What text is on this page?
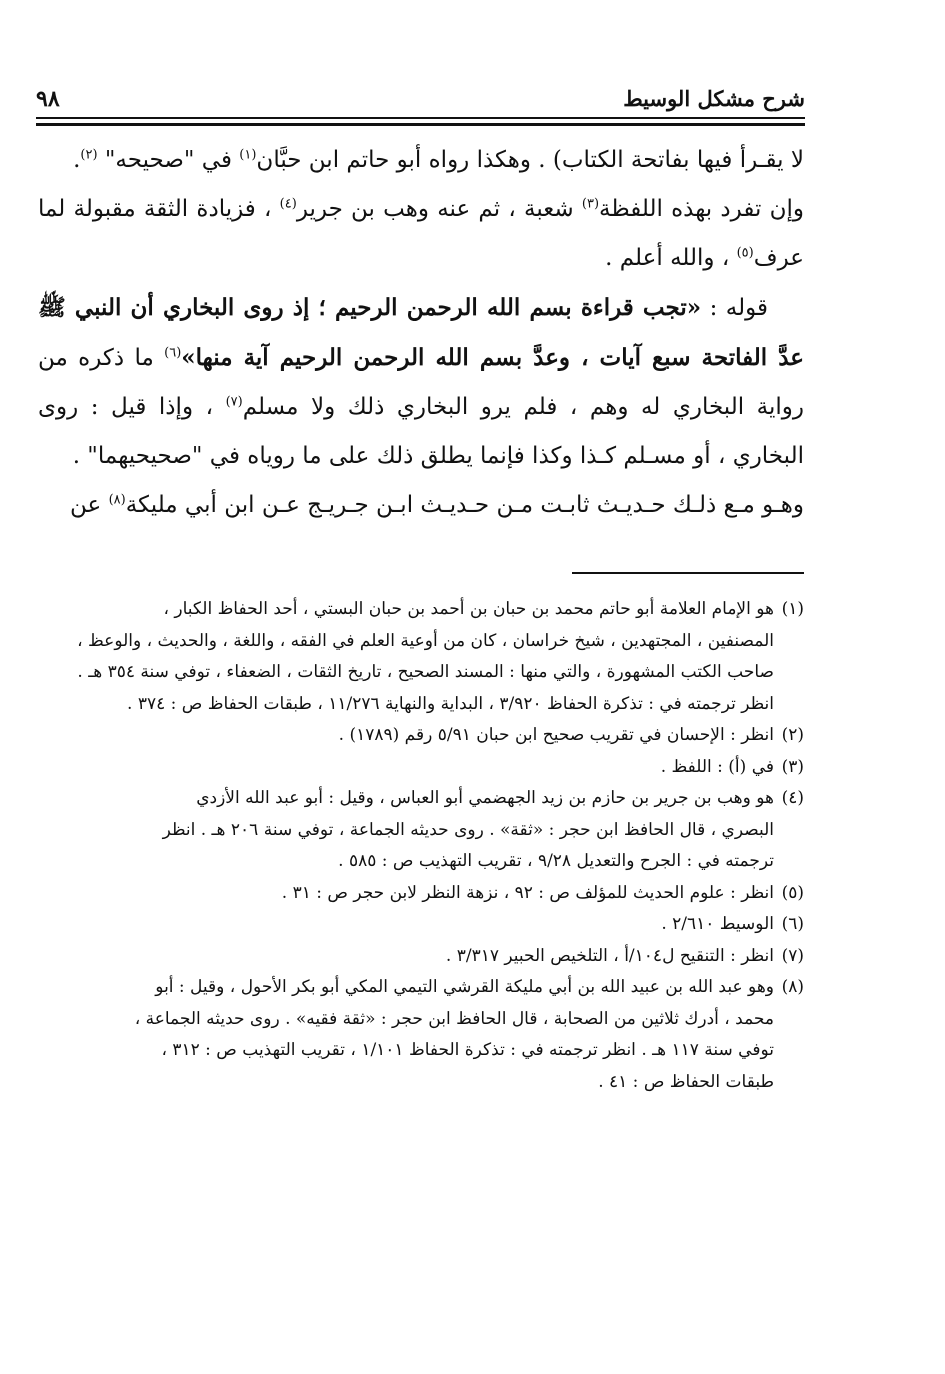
شرح مشكل الوسيط
٩٨

لا يقـرأ فيها بفاتحة الكتاب) . وهكذا رواه أبو حاتم ابن حبَّان$^{(١)}$ في "صحيحه" $^{(٢)}$.

وإن تفرد بهذه اللفظة$^{(٣)}$ شعبة ، ثم عنه وهب بن جرير$^{(٤)}$ ، فزيادة الثقة مقبولة لما عرف$^{(٥)}$ ، والله أعلم .

قوله : «تجب قراءة بسم الله الرحمن الرحيم ؛ إذ روى البخاري أن النبي ﷺ عدَّ الفاتحة سبع آيات ، وعدَّ بسم الله الرحمن الرحيم آية منها»$^{(٦)}$ ما ذكره من رواية البخاري له وهم ، فلم يرو البخاري ذلك ولا مسلم$^{(٧)}$ ، وإذا قيل : روى البخاري ، أو مسـلم كـذا وكذا فإنما يطلق ذلك على ما روياه في "صحيحيهما" .

وهـو مـع ذلـك حـديـث ثابـت مـن حـديـث ابـن جـريـج عـن ابن أبي مليكة$^{(٨)}$ عن

(١)
هو الإمام العلامة أبو حاتم محمد بن حبان بن أحمد بن حبان البستي ، أحد الحفاظ الكبار ،
المصنفين ، المجتهدين ، شيخ خراسان ، كان من أوعية العلم في الفقه ، واللغة ، والحديث ، والوعظ ،
صاحب الكتب المشهورة ، والتي منها : المسند الصحيح ، تاريخ الثقات ، الضعفاء ، توفي سنة ٣٥٤ هـ .
انظر ترجمته في : تذكرة الحفاظ ٣/٩٢٠ ، البداية والنهاية ١١/٢٧٦ ، طبقات الحفاظ ص : ٣٧٤ .
(٢)
انظر : الإحسان في تقريب صحيح ابن حبان ٥/٩١ رقم (١٧٨٩) .
(٣)
في (أ) : اللفظ .
(٤)
هو وهب بن جرير بن حازم بن زيد الجهضمي أبو العباس ، وقيل : أبو عبد الله الأزدي
البصري ، قال الحافظ ابن حجر : «ثقة» . روى حديثه الجماعة ، توفي سنة ٢٠٦ هـ . انظر
ترجمته في : الجرح والتعديل ٩/٢٨ ، تقريب التهذيب ص : ٥٨٥ .
(٥)
انظر : علوم الحديث للمؤلف ص : ٩٢ ، نزهة النظر لابن حجر ص : ٣١ .
(٦)
الوسيط ٢/٦١٠ .
(٧)
انظر : التنقيح ل١٠٤/أ ، التلخيص الحبير ٣/٣١٧ .
(٨)
وهو عبد الله بن عبيد الله بن أبي مليكة القرشي التيمي المكي أبو بكر الأحول ، وقيل : أبو
محمد ، أدرك ثلاثين من الصحابة ، قال الحافظ ابن حجر : «ثقة فقيه» . روى حديثه الجماعة ،
توفي سنة ١١٧ هـ . انظر ترجمته في : تذكرة الحفاظ ١/١٠١ ، تقريب التهذيب ص : ٣١٢ ،
طبقات الحفاظ ص : ٤١ .
